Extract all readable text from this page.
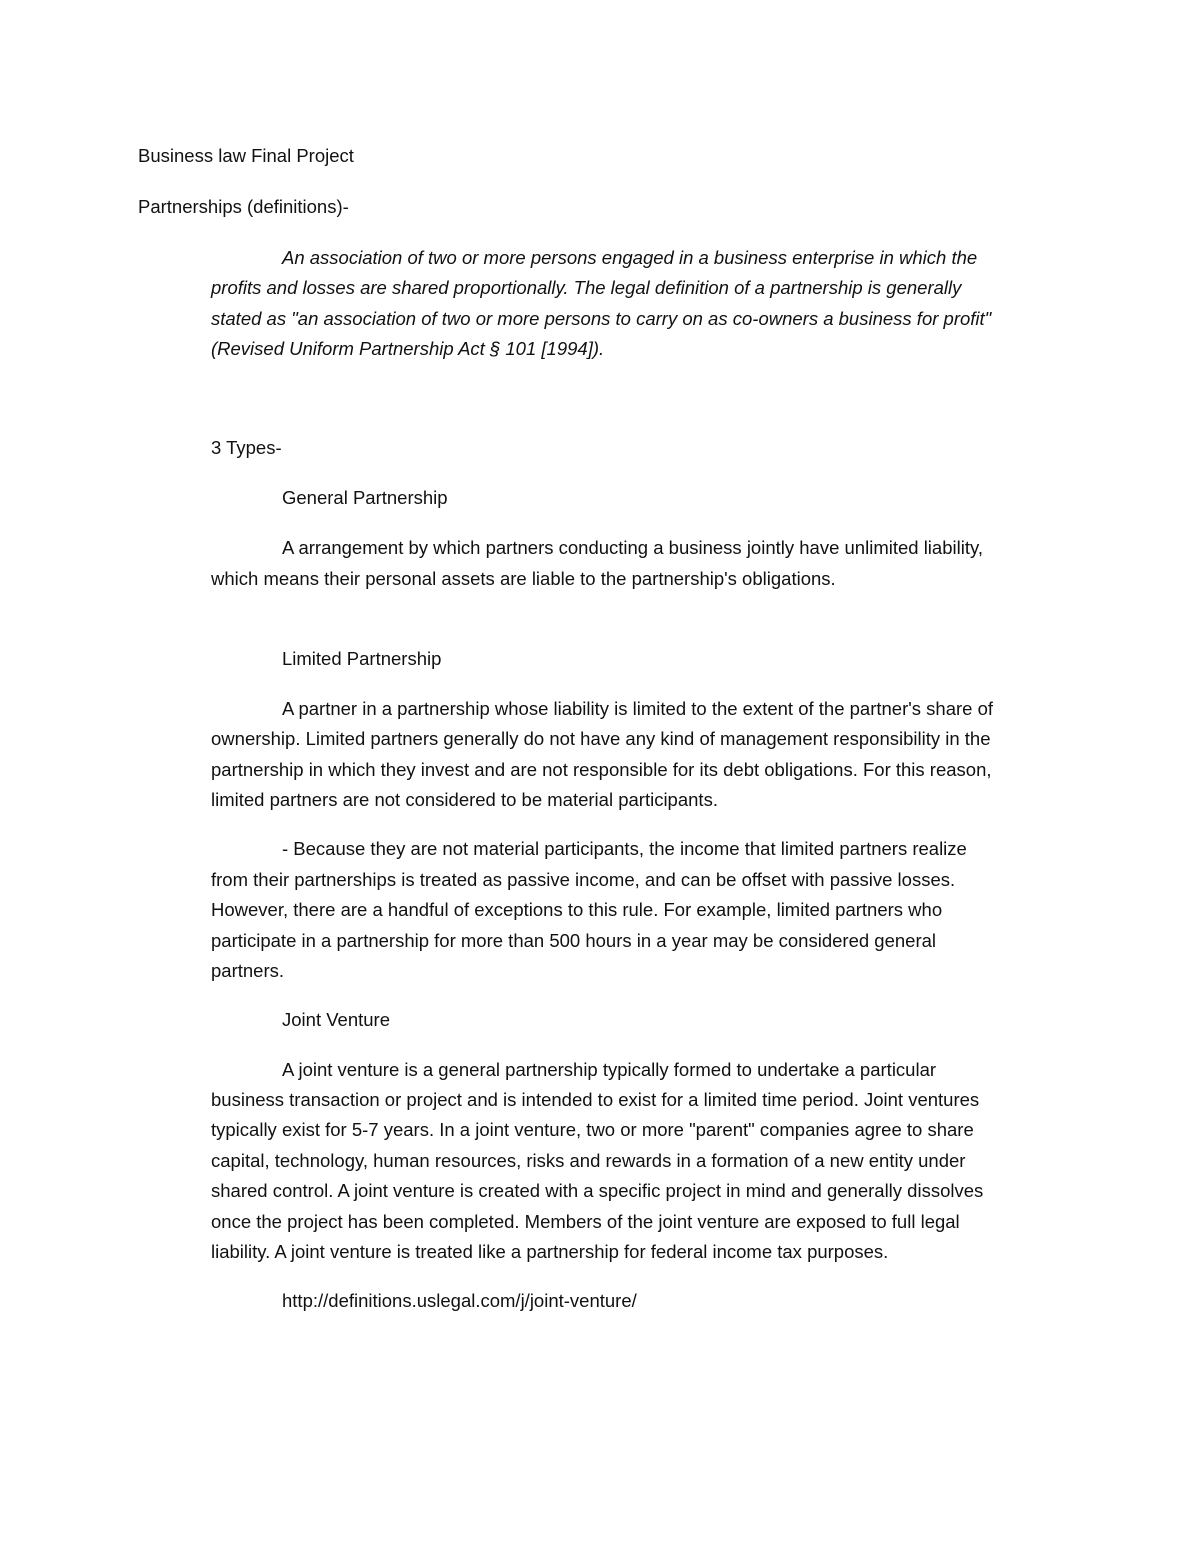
Business law Final Project

Partnerships (definitions)-

An association of two or more persons engaged in a business enterprise in which the

profits and losses are shared proportionally. The legal definition of a partnership is generally

stated as "an association of two or more persons to carry on as co-owners a business for profit"

(Revised Uniform Partnership Act § 101 [1994]).

3 Types-

General Partnership

A arrangement by which partners conducting a business jointly have unlimited liability,

which means their personal assets are liable to the partnership's obligations.

Limited Partnership

A partner in a partnership whose liability is limited to the extent of the partner's share of

ownership. Limited partners generally do not have any kind of management responsibility in the

partnership in which they invest and are not responsible for its debt obligations. For this reason,

limited partners are not considered to be material participants.

- Because they are not material participants, the income that limited partners realize

from their partnerships is treated as passive income, and can be offset with passive losses.

However, there are a handful of exceptions to this rule. For example, limited partners who

participate in a partnership for more than 500 hours in a year may be considered general

partners.

Joint Venture

A joint venture is a general partnership typically formed to undertake a particular

business transaction or project and is intended to exist for a limited time period. Joint ventures

typically exist for 5-7 years. In a joint venture, two or more "parent" companies agree to share

capital, technology, human resources, risks and rewards in a formation of a new entity under

shared control. A joint venture is created with a specific project in mind and generally dissolves

once the project has been completed. Members of the joint venture are exposed to full legal

liability. A joint venture is treated like a partnership for federal income tax purposes.

http://definitions.uslegal.com/j/joint-venture/
